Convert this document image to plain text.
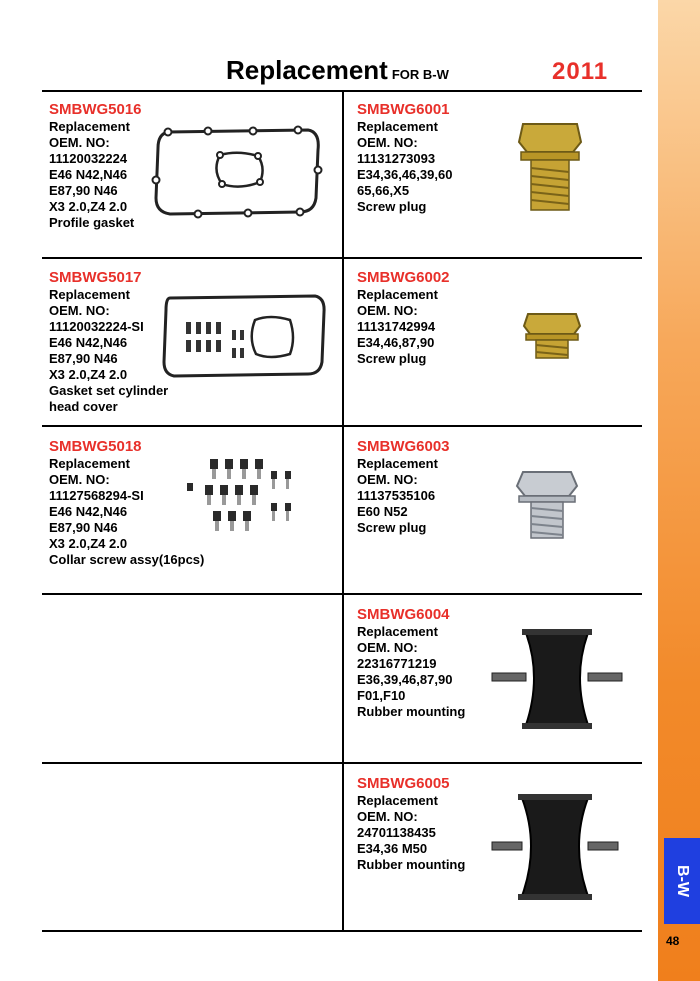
B-W
48
Replacement FOR B-W	2011
SMBWG5016
Replacement
OEM. NO:
11120032224
E46 N42,N46
E87,90 N46
X3 2.0,Z4 2.0
Profile gasket
SMBWG5017
Replacement
OEM. NO:
11120032224-SI
E46 N42,N46
E87,90 N46
X3 2.0,Z4 2.0
Gasket set cylinder
head cover
SMBWG5018
Replacement
OEM. NO:
11127568294-SI
E46 N42,N46
E87,90 N46
X3 2.0,Z4 2.0
Collar screw assy(16pcs)
SMBWG6001
Replacement
OEM. NO:
11131273093
E34,36,46,39,60
65,66,X5
Screw plug
SMBWG6002
Replacement
OEM. NO:
11131742994
E34,46,87,90
Screw plug
SMBWG6003
Replacement
OEM. NO:
11137535106
E60 N52
Screw plug
SMBWG6004
Replacement
OEM. NO:
22316771219
E36,39,46,87,90
F01,F10
Rubber mounting
SMBWG6005
Replacement
OEM. NO:
24701138435
E34,36 M50
Rubber mounting
